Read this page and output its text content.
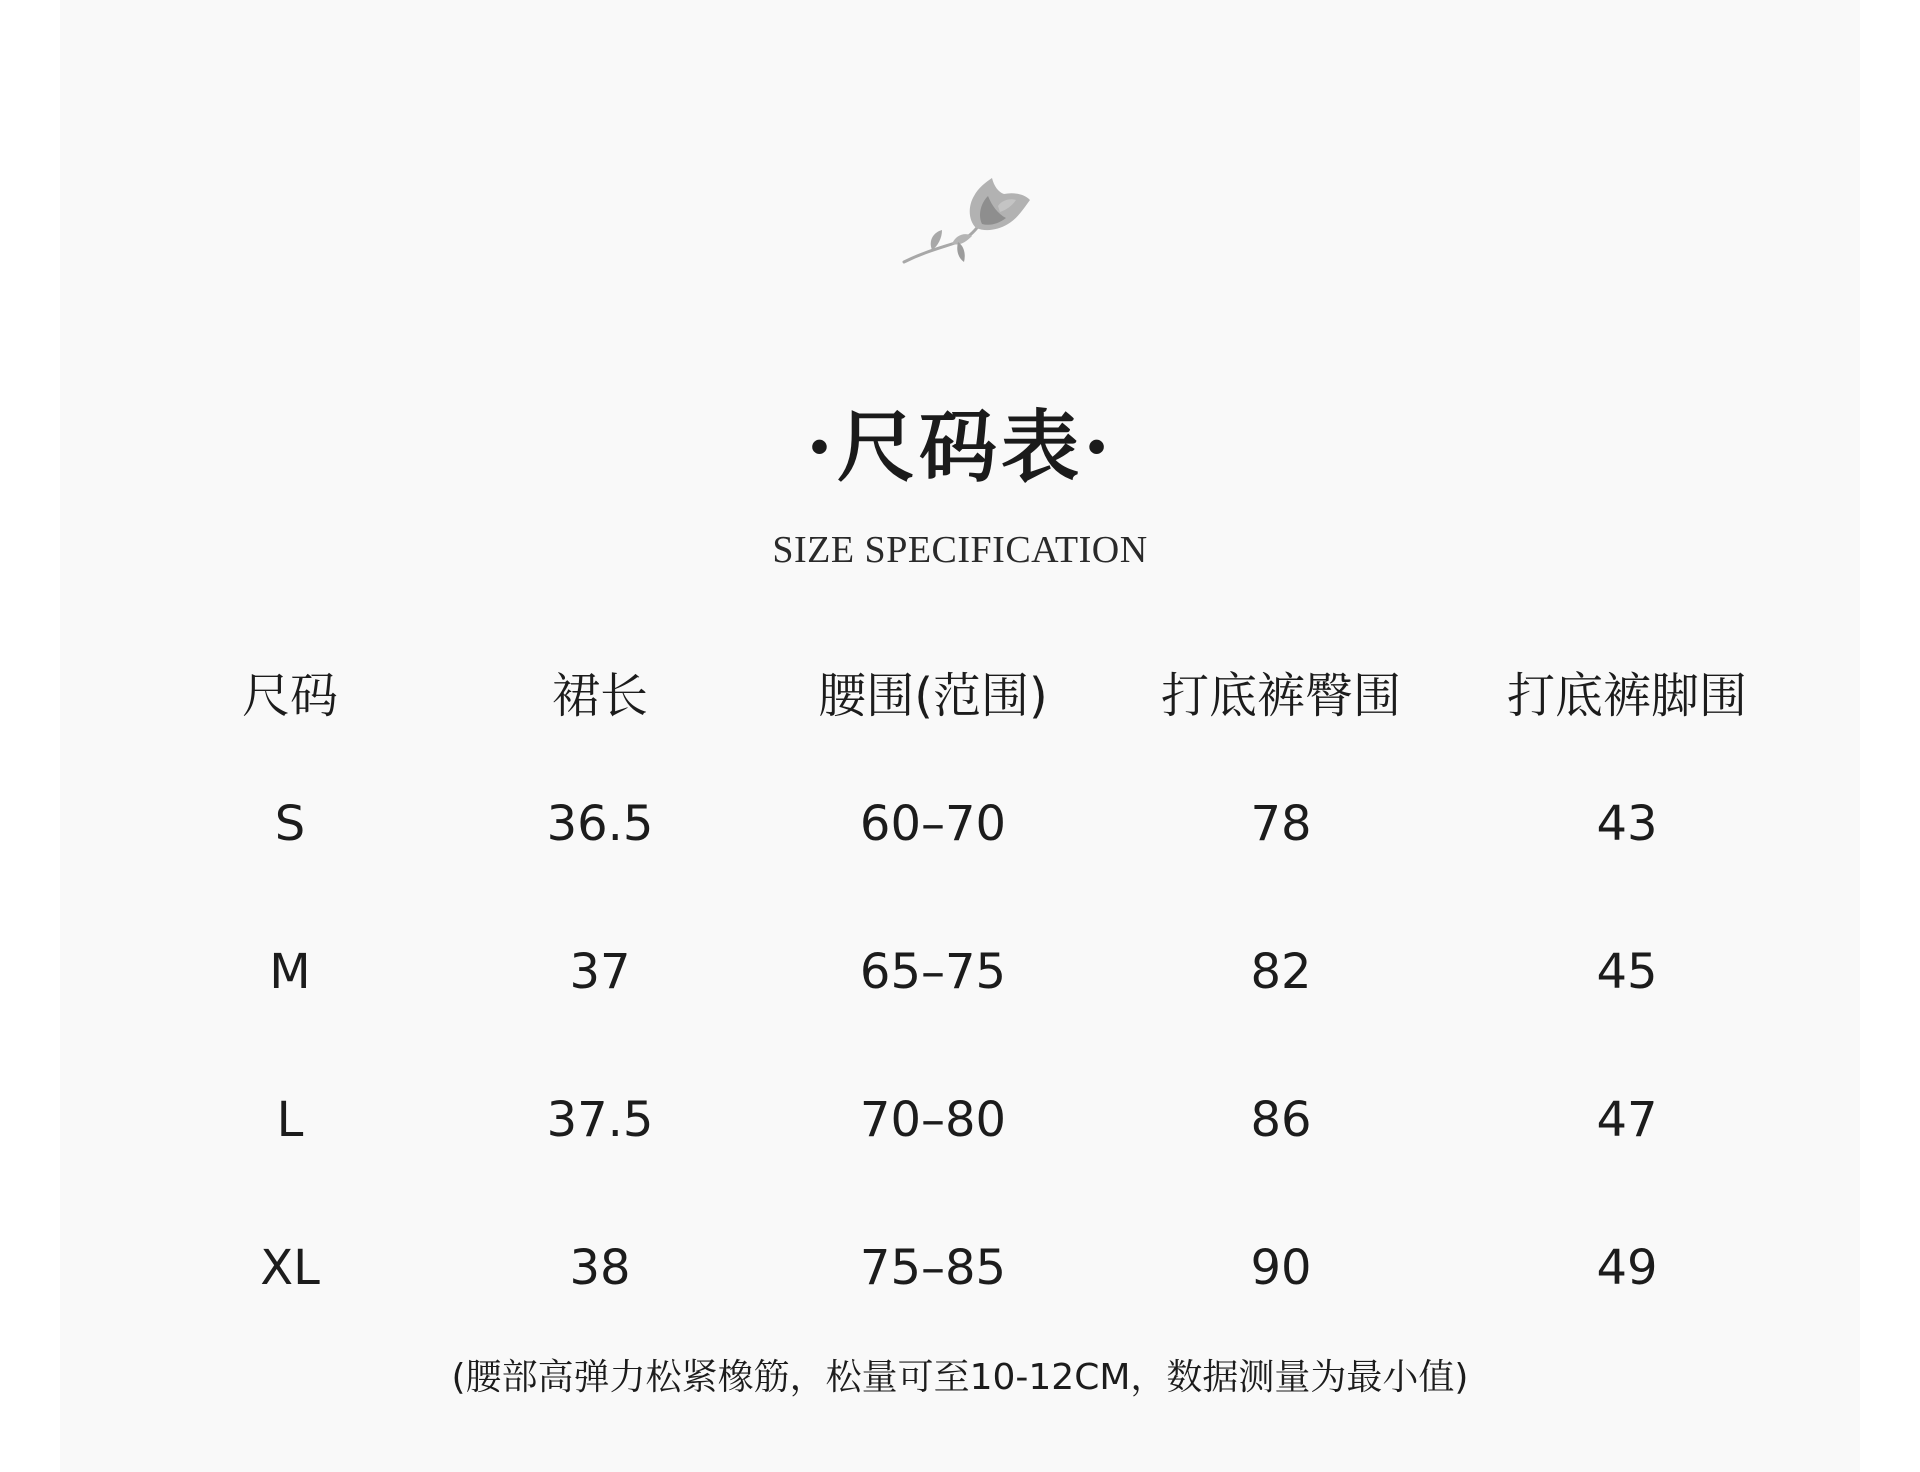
·尺码表·
SIZE SPECIFICATION
尺码	裙长	腰围(范围)	打底裤臀围	打底裤脚围
S	36.5	60–70	78	43
M	37	65–75	82	45
L	37.5	70–80	86	47
XL	38	75–85	90	49
(腰部高弹力松紧橡筋，松量可至10-12CM，数据测量为最小值)
